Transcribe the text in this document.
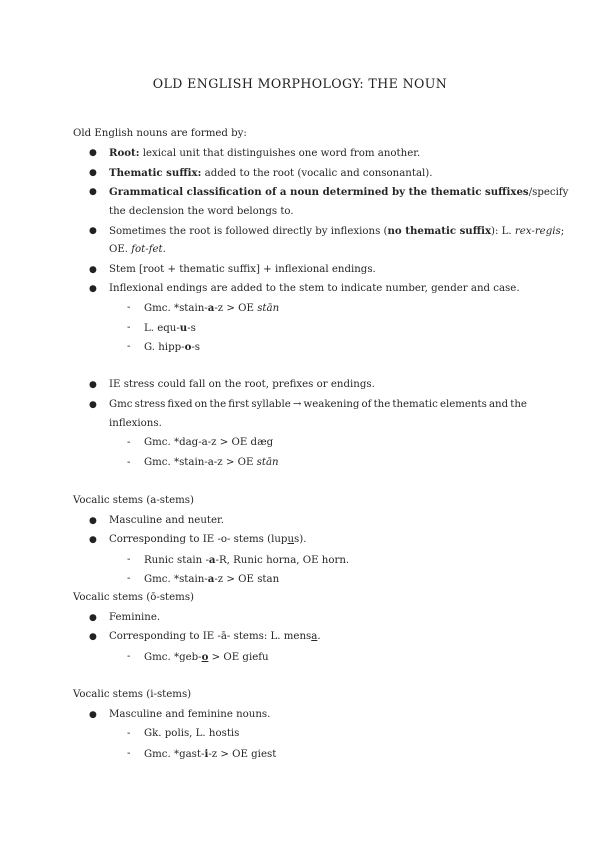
OLD ENGLISH MORPHOLOGY: THE NOUN
Old English nouns are formed by:
● Root: lexical unit that distinguishes one word from another.
● Thematic suffix: added to the root (vocalic and consonantal).
● Grammatical classification of a noun determined by the thematic suffixes/specify
the declension the word belongs to.
● Sometimes the root is followed directly by inflexions (no thematic suffix): L. rex-regis;
OE. fot-fet.
● Stem [root + thematic suffix] + inflexional endings.
● Inflexional endings are added to the stem to indicate number, gender and case.
- Gmc. *stain-a-z > OE stān
- L. equ-u-s
- G. hipp-o-s
● IE stress could fall on the root, prefixes or endings.
● Gmc stress fixed on the first syllable → weakening of the thematic elements and the
inflexions.
- Gmc. *dag-a-z > OE dæg
- Gmc. *stain-a-z > OE stān
Vocalic stems (a-stems)
● Masculine and neuter.
● Corresponding to IE -o- stems (lupus).
- Runic stain -a-R, Runic horna, OE horn.
- Gmc. *stain-a-z > OE stan
Vocalic stems (ō-stems)
● Feminine.
● Corresponding to IE -ā- stems: L. mensa.
- Gmc. *geb-o > OE giefu
Vocalic stems (i-stems)
● Masculine and feminine nouns.
- Gk. polis, L. hostis
- Gmc. *gast-i-z > OE giest
